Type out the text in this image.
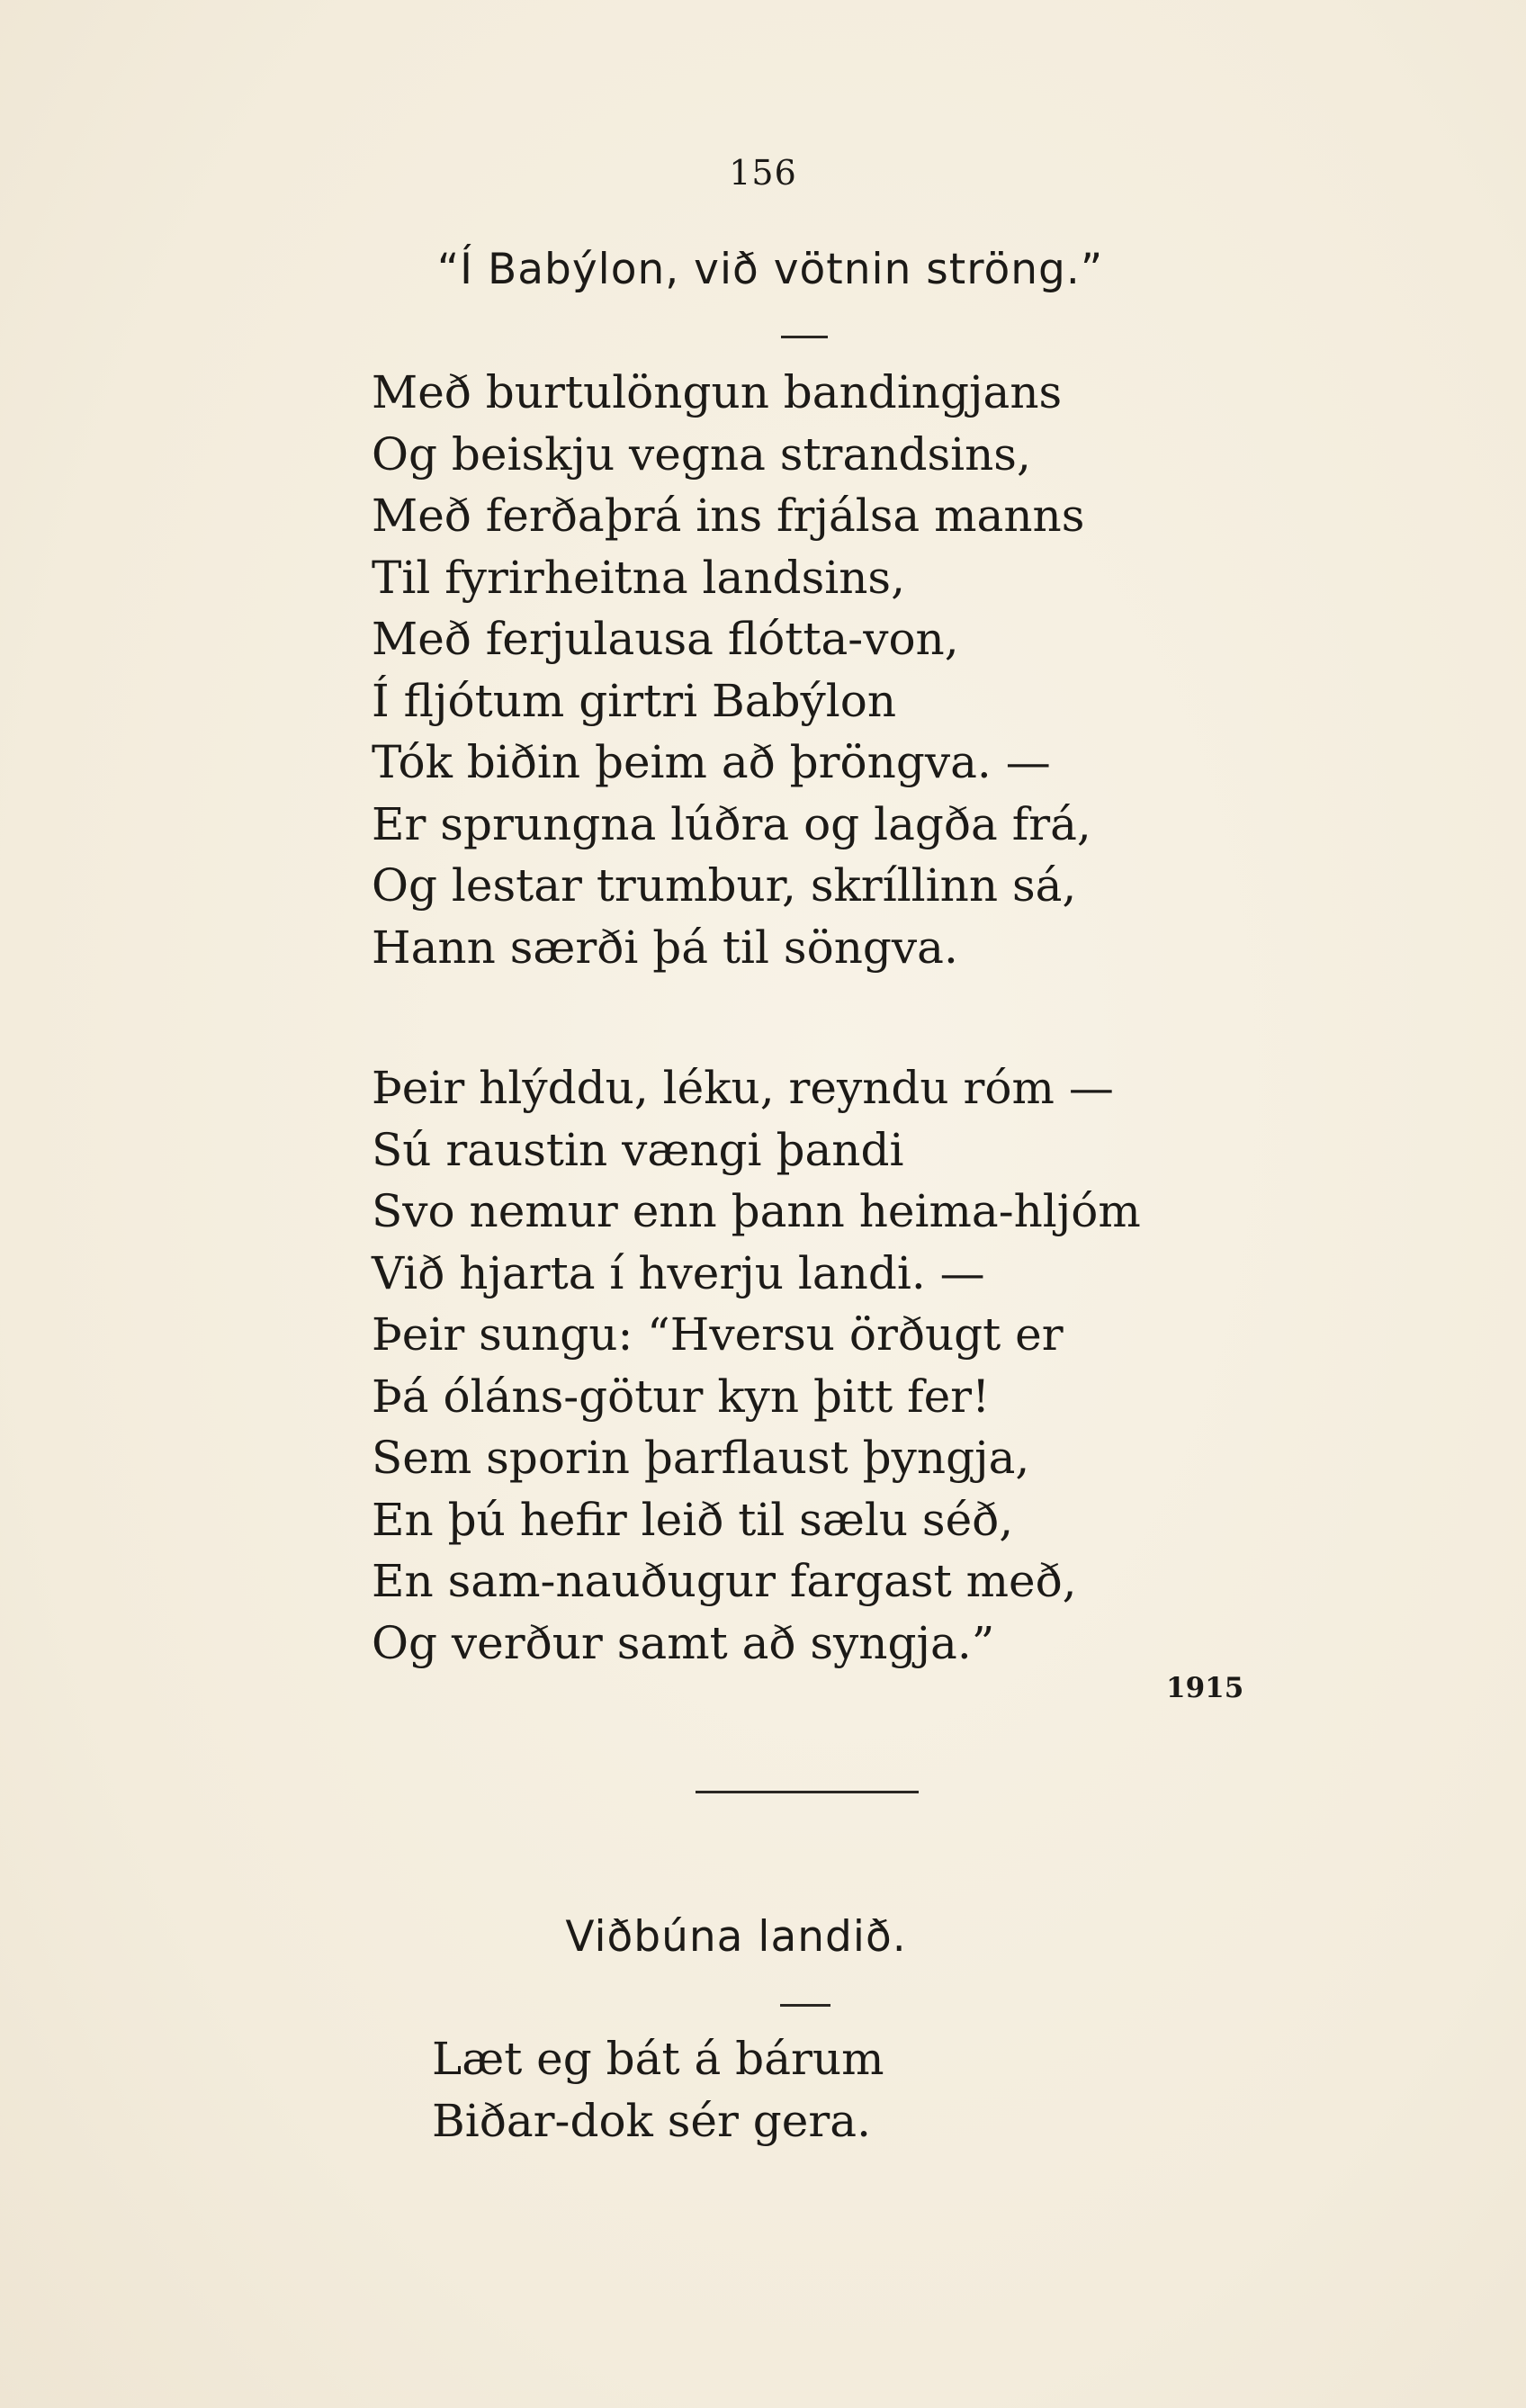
156
“Í Babýlon, við vötnin ströng.”
Með burtulöngun bandingjans
Og beiskju vegna strandsins,
Með ferðaþrá ins frjálsa manns
Til fyrirheitna landsins,
Með ferjulausa flótta-von,
Í fljótum girtri Babýlon
Tók biðin þeim að þröngva. —
Er sprungna lúðra og lagða frá,
Og lestar trumbur, skríllinn sá,
Hann særði þá til söngva.
Þeir hlýddu, léku, reyndu róm —
Sú raustin vængi þandi
Svo nemur enn þann heima-hljóm
Við hjarta í hverju landi. —
Þeir sungu: “Hversu örðugt er
Þá óláns-götur kyn þitt fer!
Sem sporin þarflaust þyngja,
En þú hefir leið til sælu séð,
En sam-nauðugur fargast með,
Og verður samt að syngja.”
1915
Viðbúna landið.
Læt eg bát á bárum
Biðar-dok sér gera.
